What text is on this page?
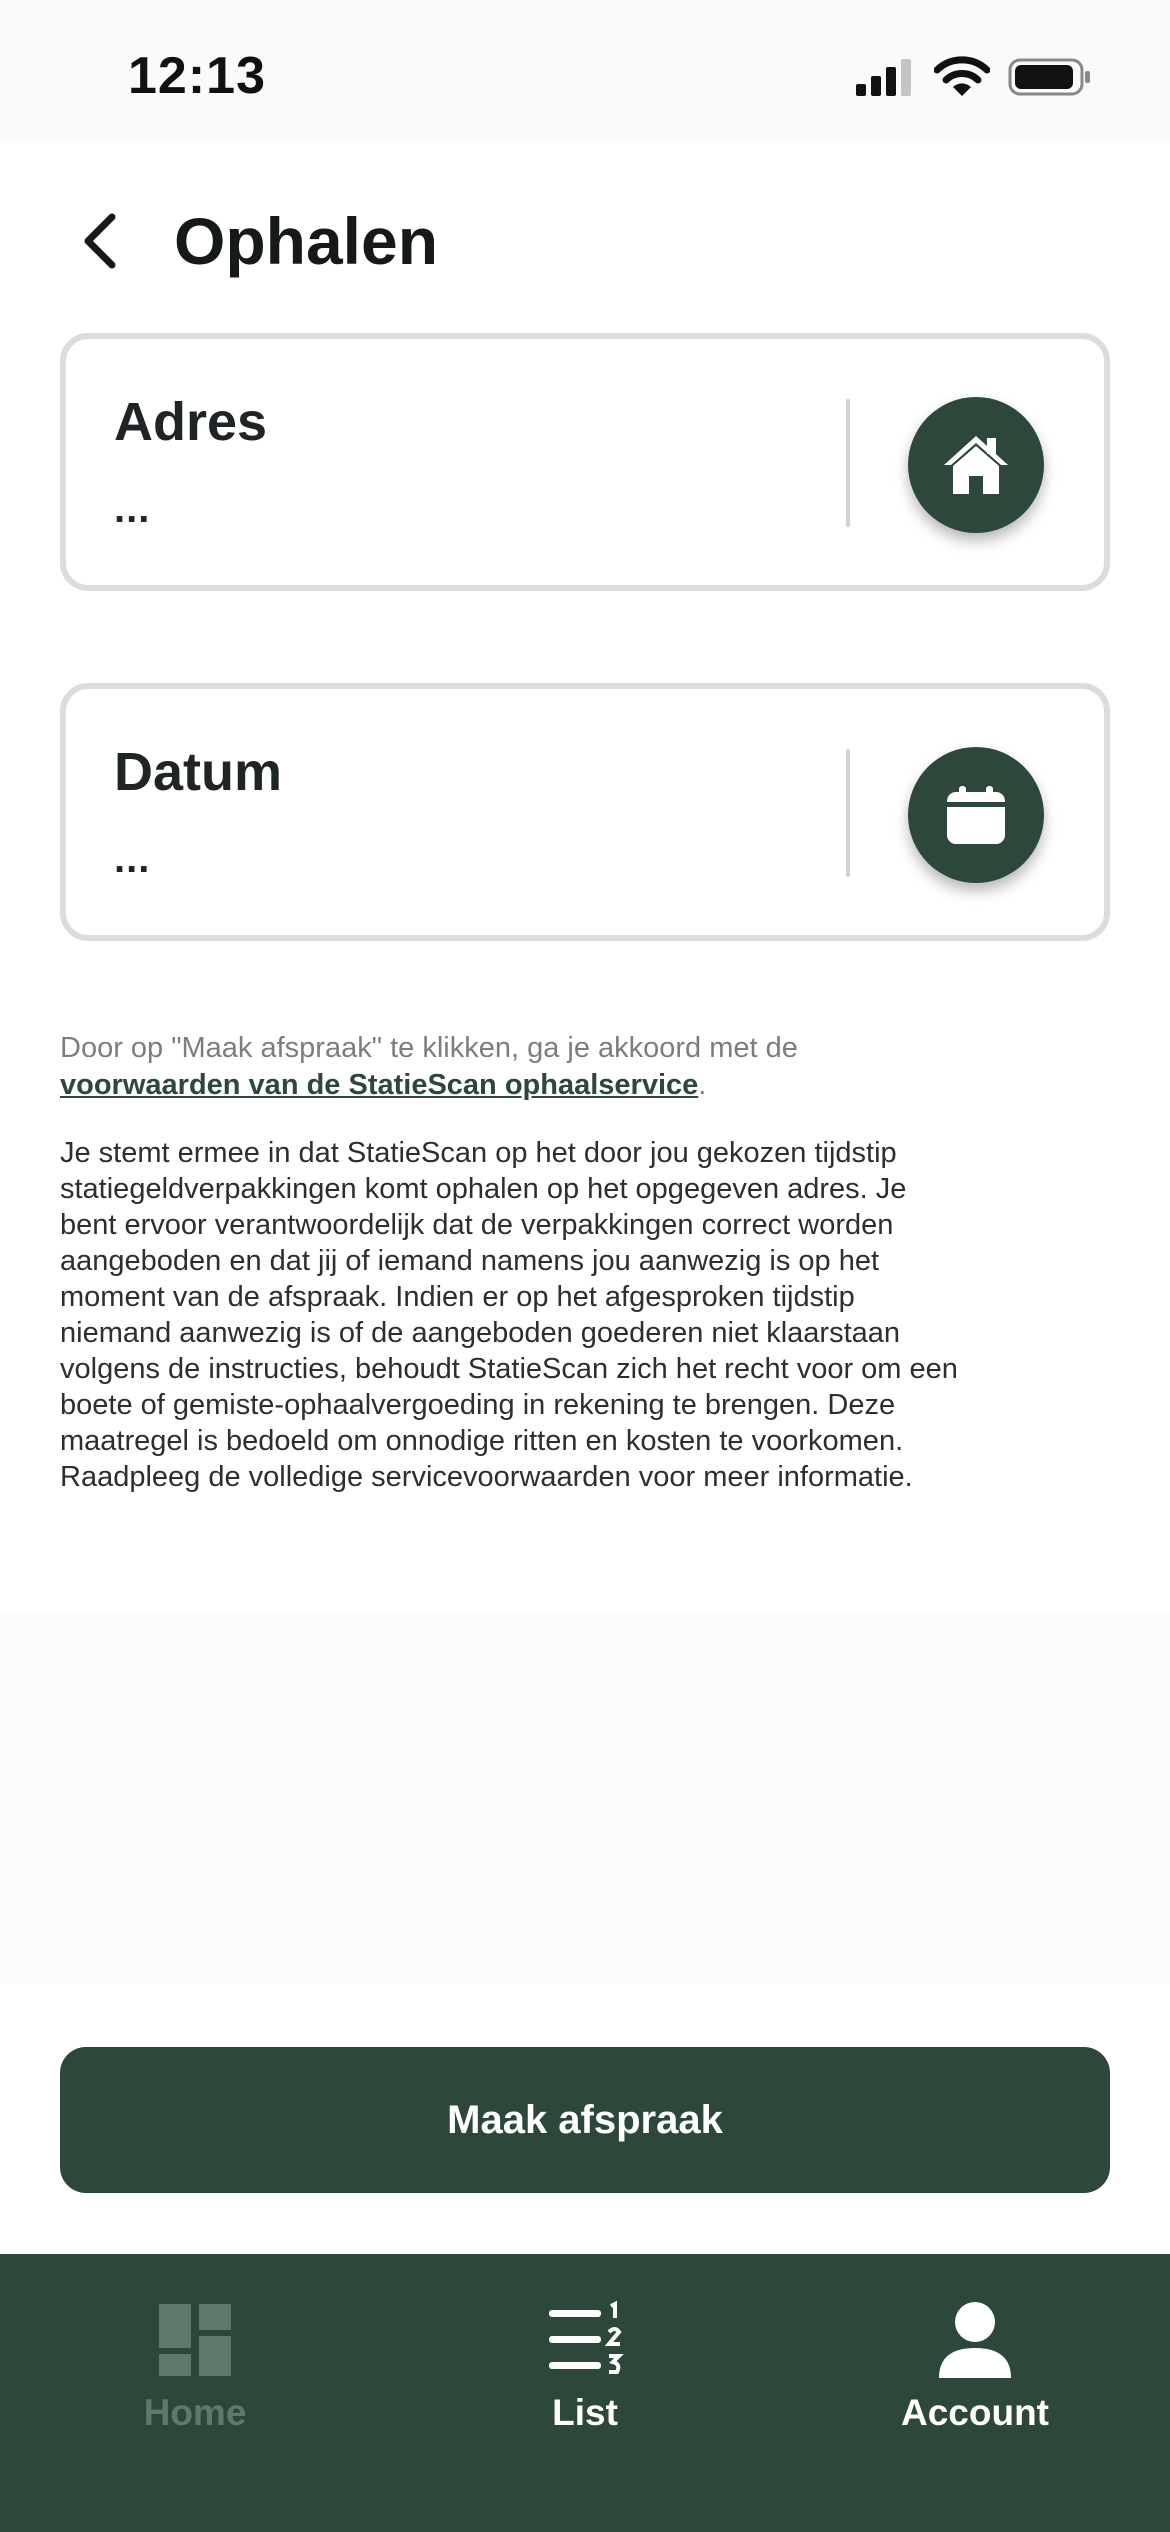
12:13
Ophalen
Adres
...
Datum
...

Door op "Maak afspraak" te klikken, ga je akkoord met de
voorwaarden van de StatieScan ophaalservice.

Je stemt ermee in dat StatieScan op het door jou gekozen tijdstip
statiegeldverpakkingen komt ophalen op het opgegeven adres. Je
bent ervoor verantwoordelijk dat de verpakkingen correct worden
aangeboden en dat jij of iemand namens jou aanwezig is op het
moment van de afspraak. Indien er op het afgesproken tijdstip
niemand aanwezig is of de aangeboden goederen niet klaarstaan
volgens de instructies, behoudt StatieScan zich het recht voor om een
boete of gemiste-ophaalvergoeding in rekening te brengen. Deze
maatregel is bedoeld om onnodige ritten en kosten te voorkomen.
Raadpleeg de volledige servicevoorwaarden voor meer informatie.

Maak afspraak
Home	List	Account
